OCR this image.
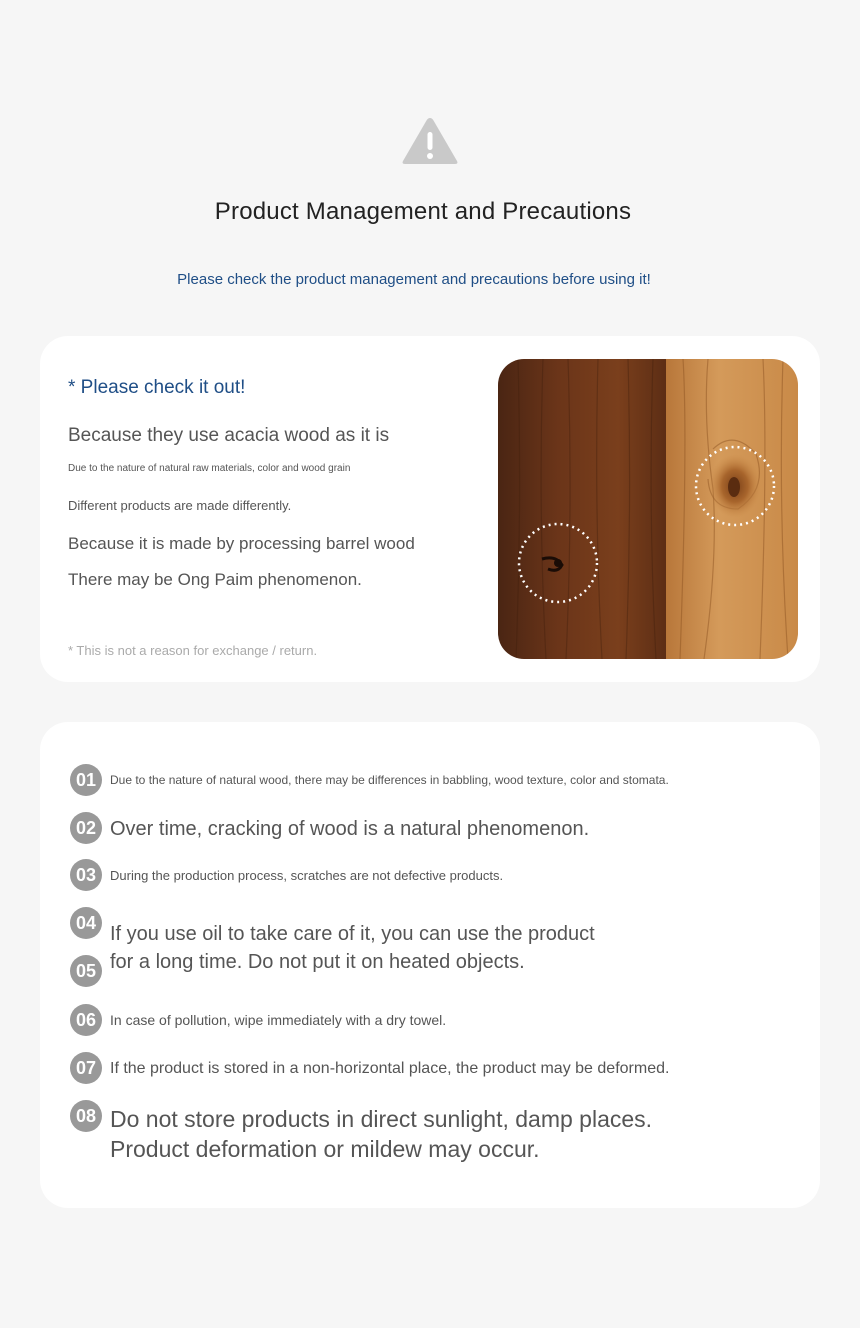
Product Management and Precautions
Please check the product management and precautions before using it!
* Please check it out!
Because they use acacia wood as it is
Due to the nature of natural raw materials, color and wood grain
Different products are made differently.
Because it is made by processing barrel wood
There may be Ong Paim phenomenon.
* This is not a reason for exchange / return.
01	Due to the nature of natural wood, there may be differences in babbling, wood texture, color and stomata.
02 Over time, cracking of wood is a natural phenomenon.
03	During the production process, scratches are not defective products.
04 If you use oil to take care of it, you can use the product
05 for a long time. Do not put it on heated objects.
06 In case of pollution, wipe immediately with a dry towel.
07 If the product is stored in a non-horizontal place, the product may be deformed.
08 Do not store products in direct sunlight, damp places.
Product deformation or mildew may occur.
